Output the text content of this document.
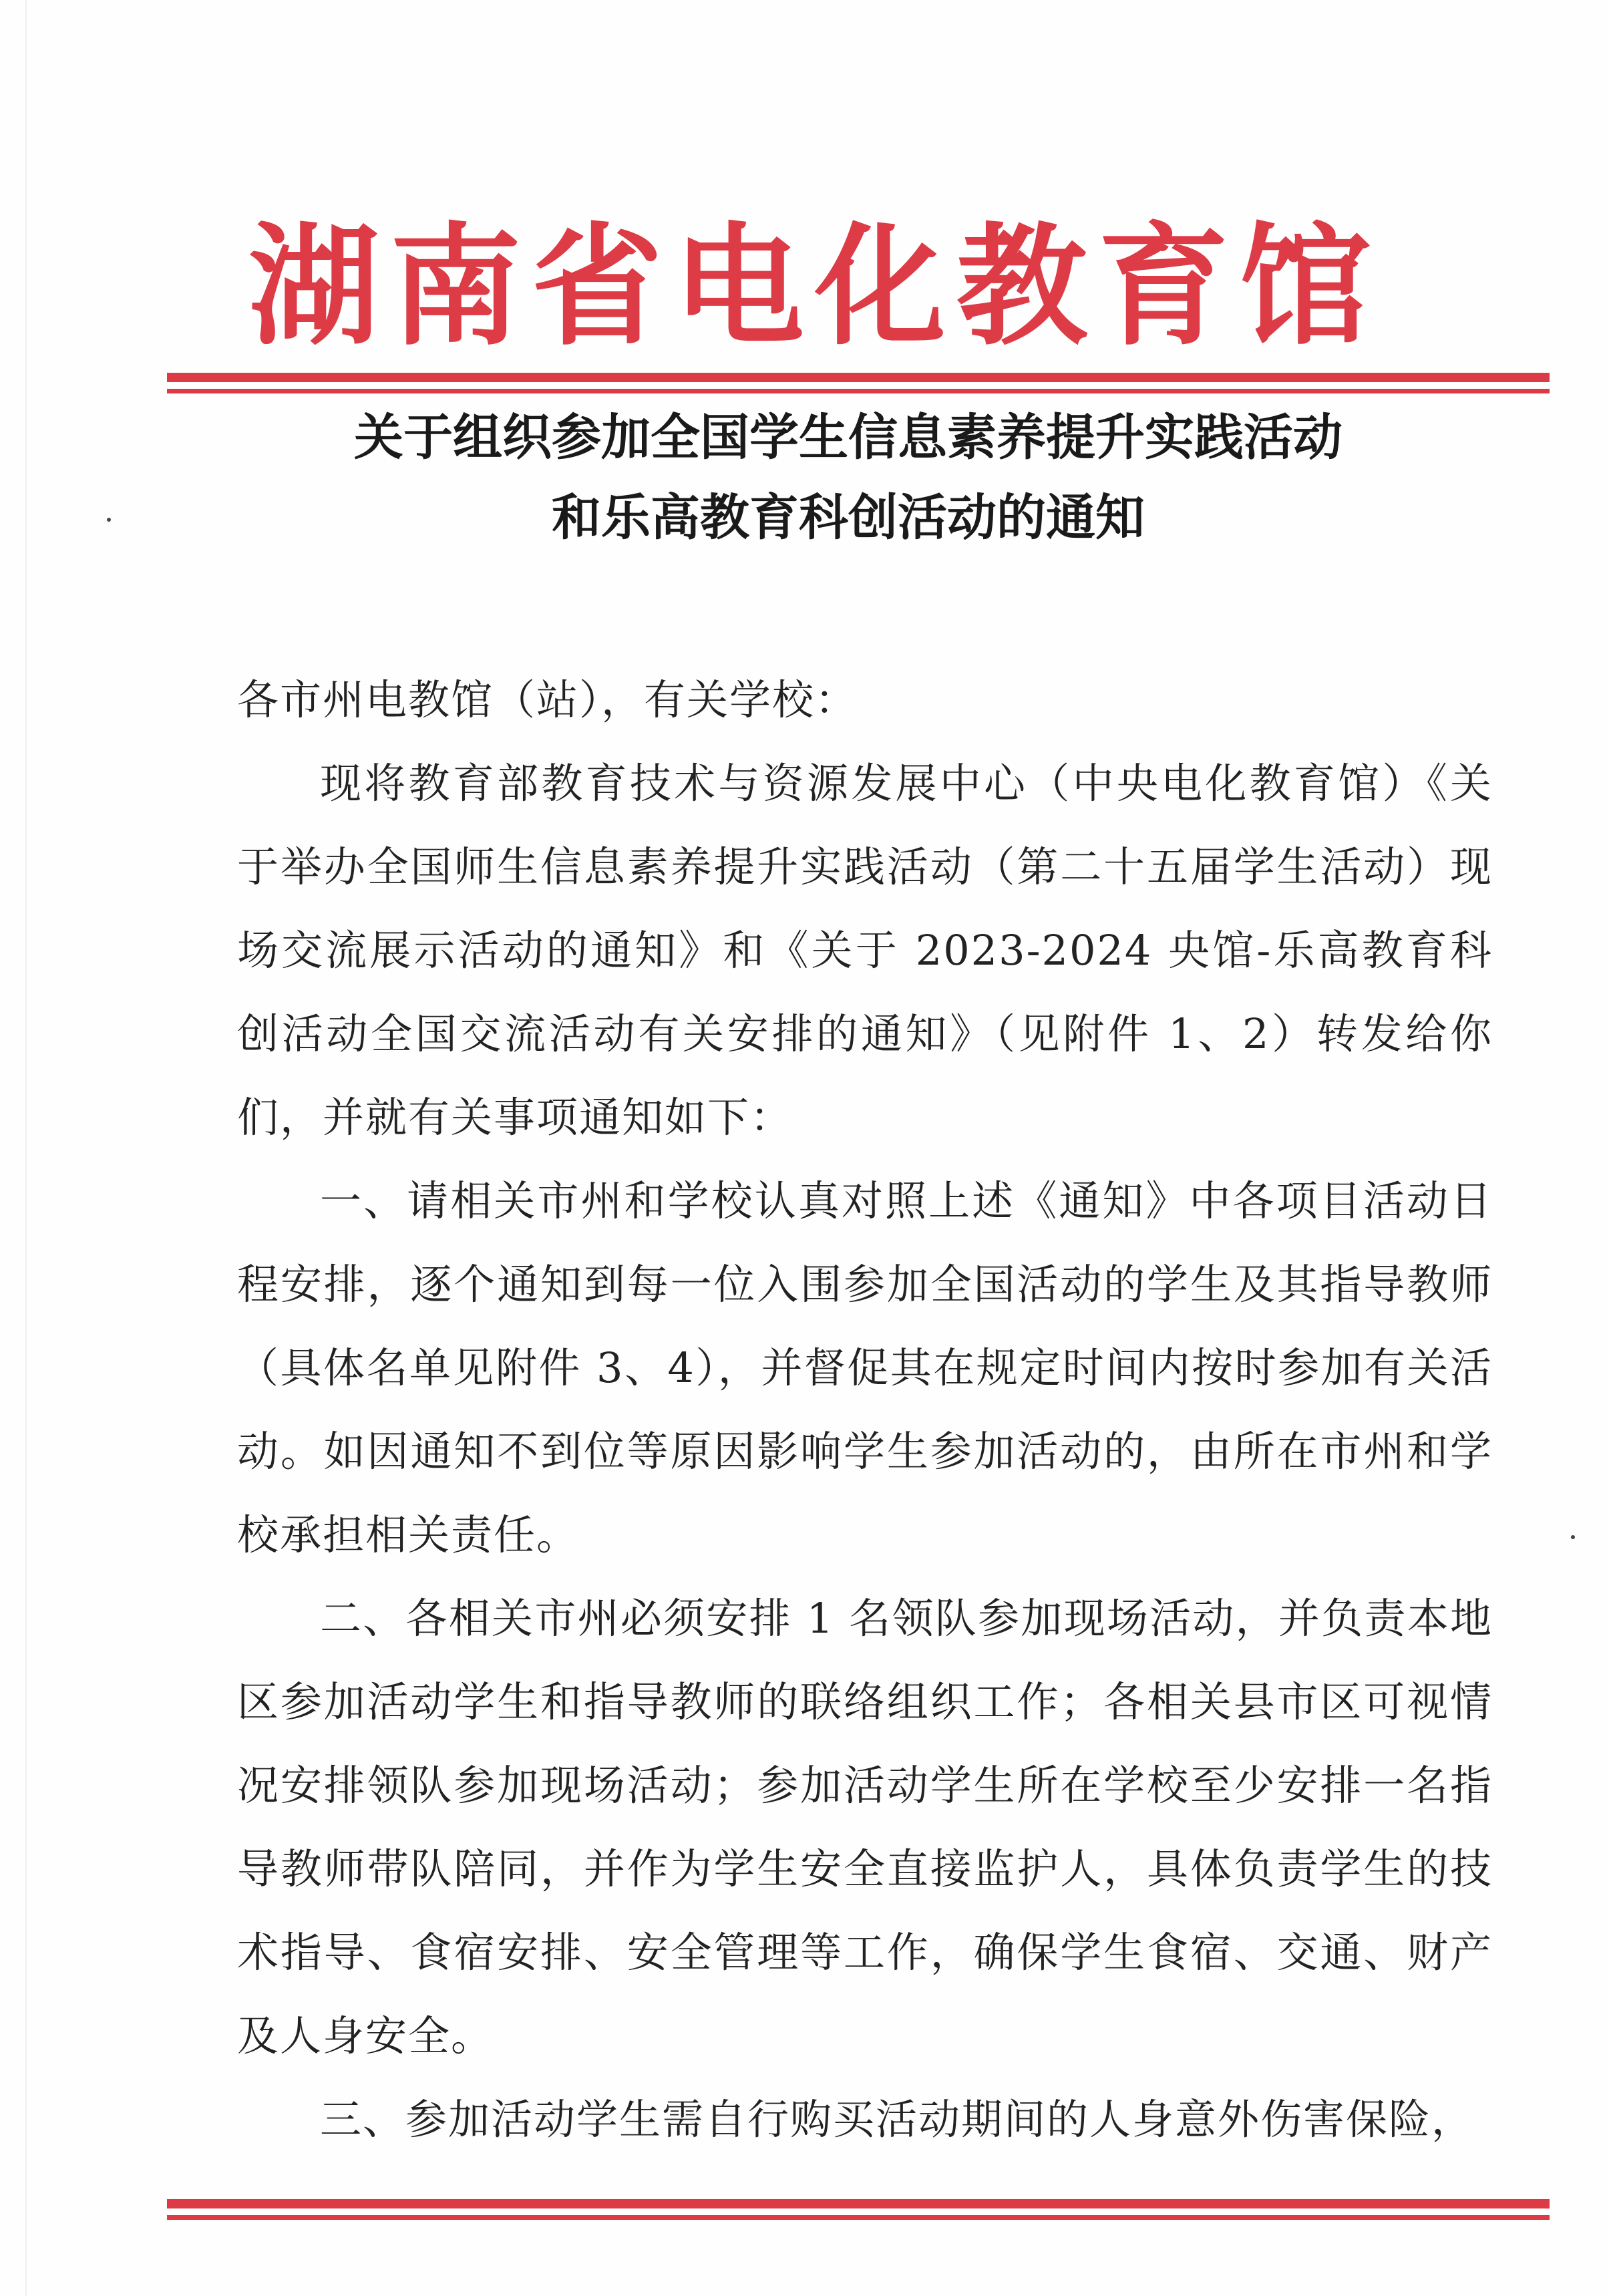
湖南省电化教育馆
关于组织参加全国学生信息素养提升实践活动
和乐高教育科创活动的通知
各市州电教馆（站），有关学校：
现将教育部教育技术与资源发展中心（中央电化教育馆）《关于举办全国师生信息素养提升实践活动（第二十五届学生活动）现场交流展示活动的通知》和《关于 2023-2024 央馆-乐高教育科创活动全国交流活动有关安排的通知》（见附件 1、2）转发给你们，并就有关事项通知如下：
一、请相关市州和学校认真对照上述《通知》中各项目活动日程安排，逐个通知到每一位入围参加全国活动的学生及其指导教师（具体名单见附件 3、4），并督促其在规定时间内按时参加有关活动。如因通知不到位等原因影响学生参加活动的，由所在市州和学校承担相关责任。
二、各相关市州必须安排 1 名领队参加现场活动，并负责本地区参加活动学生和指导教师的联络组织工作；各相关县市区可视情况安排领队参加现场活动；参加活动学生所在学校至少安排一名指导教师带队陪同，并作为学生安全直接监护人，具体负责学生的技术指导、食宿安排、安全管理等工作，确保学生食宿、交通、财产及人身安全。
三、参加活动学生需自行购买活动期间的人身意外伤害保险，
